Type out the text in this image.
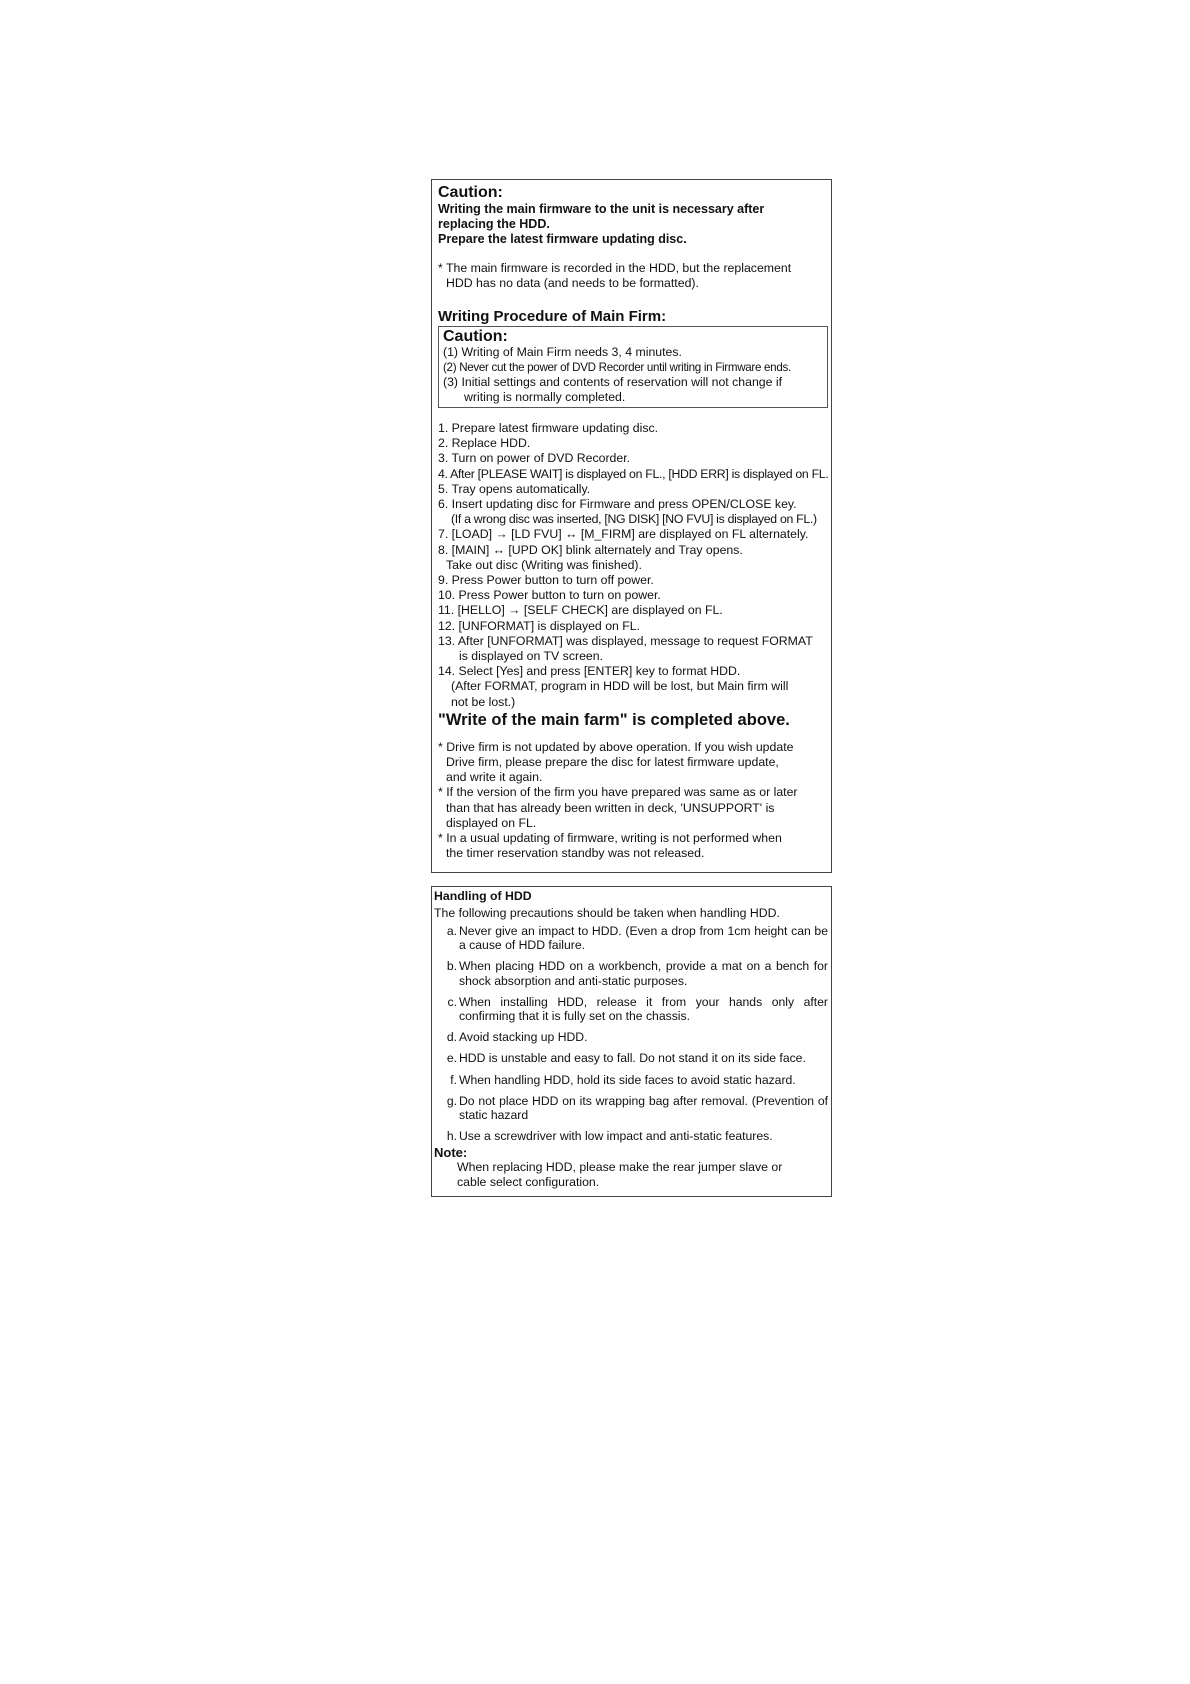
Caution:

Writing the main firmware to the unit is necessary after

replacing the HDD.

Prepare the latest firmware updating disc.

* The main firmware is recorded in the HDD, but the replacement

HDD has no data (and needs to be formatted).

Writing Procedure of Main Firm:

Caution:

(1) Writing of Main Firm needs 3, 4 minutes.

(2) Never cut the power of DVD Recorder until writing in Firmware ends.

(3) Initial settings and contents of reservation will not change if

writing is normally completed.

1. Prepare latest firmware updating disc.
2. Replace HDD.
3. Turn on power of DVD Recorder.
4. After [PLEASE WAIT] is displayed on FL., [HDD ERR] is displayed on FL.
5. Tray opens automatically.
6. Insert updating disc for Firmware and press OPEN/CLOSE key.
(If a wrong disc was inserted, [NG DISK] [NO FVU] is displayed on FL.)
7. [LOAD] → [LD FVU] ↔ [M_FIRM] are displayed on FL alternately.
8. [MAIN] ↔ [UPD OK] blink alternately and Tray opens.
Take out disc (Writing was finished).
9. Press Power button to turn off power.
10. Press Power button to turn on power.
11. [HELLO] → [SELF CHECK] are displayed on FL.
12. [UNFORMAT] is displayed on FL.
13. After [UNFORMAT] was displayed, message to request FORMAT
is displayed on TV screen.
14. Select [Yes] and press [ENTER] key to format HDD.
(After FORMAT, program in HDD will be lost, but Main firm will
not be lost.)

"Write of the main farm" is completed above.

* Drive firm is not updated by above operation. If you wish update

Drive firm, please prepare the disc for latest firmware update,

and write it again.

* If the version of the firm you have prepared was same as or later

than that has already been written in deck, 'UNSUPPORT' is

displayed on FL.

* In a usual updating of firmware, writing is not performed when

the timer reservation standby was not released.

Handling of HDD

The following precautions should be taken when handling HDD.

a. Never give an impact to HDD. (Even a drop from 1cm height can be a cause of HDD failure.
b. When placing HDD on a workbench, provide a mat on a bench for shock absorption and anti-static purposes.
c. When installing HDD, release it from your hands only after confirming that it is fully set on the chassis.
d. Avoid stacking up HDD.
e. HDD is unstable and easy to fall. Do not stand it on its side face.
f. When handling HDD, hold its side faces to avoid static hazard.
g. Do not place HDD on its wrapping bag after removal. (Prevention of static hazard
h. Use a screwdriver with low impact and anti-static features.

Note:

When replacing HDD, please make the rear jumper slave or

cable select configuration.
